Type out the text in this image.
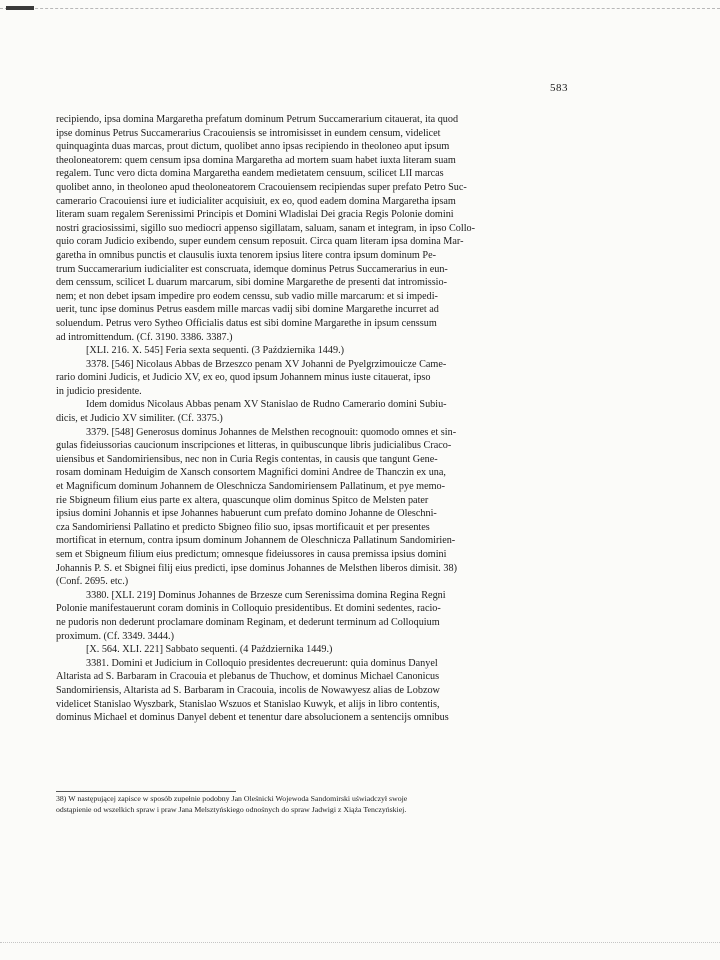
583
recipiendo, ipsa domina Margaretha prefatum dominum Petrum Succamerarium citauerat, ita quod
ipse dominus Petrus Succamerarius Cracouiensis se intromisisset in eundem censum, videlicet
quinquaginta duas marcas, prout dictum, quolibet anno ipsas recipiendo in theoloneo aput ipsum
theoloneatorem: quem censum ipsa domina Margaretha ad mortem suam habet iuxta literam suam
regalem. Tunc vero dicta domina Margaretha eandem medietatem censuum, scilicet LII marcas
quolibet anno, in theoloneo apud theoloneatorem Cracouiensem recipiendas super prefato Petro Suc-
camerario Cracouiensi iure et iudicialiter acquisiuit, ex eo, quod eadem domina Margaretha ipsam
literam suam regalem Serenissimi Principis et Domini Wladislai Dei gracia Regis Polonie domini
nostri graciosissimi, sigillo suo mediocri appenso sigillatam, saluam, sanam et integram, in ipso Collo-
quio coram Judicio exibendo, super eundem censum reposuit. Circa quam literam ipsa domina Mar-
garetha in omnibus punctis et clausulis iuxta tenorem ipsius litere contra ipsum dominum Pe-
trum Succamerarium iudicialiter est conscruata, idemque dominus Petrus Succamerarius in eun-
dem censsum, scilicet L duarum marcarum, sibi domine Margarethe de presenti dat intromissio-
nem; et non debet ipsam impedire pro eodem censsu, sub vadio mille marcarum: et si impedi-
uerit, tunc ipse dominus Petrus easdem mille marcas vadij sibi domine Margarethe incurret ad
soluendum. Petrus vero Sytheo Officialis datus est sibi domine Margarethe in ipsum censsum
ad intromittendum. (Cf. 3190. 3386. 3387.)
[XLI. 216. X. 545] Feria sexta sequenti. (3 Października 1449.)
3378. [546] Nicolaus Abbas de Brzeszco penam XV Johanni de Pyelgrzimouicze Came-
rario domini Judicis, et Judicio XV, ex eo, quod ipsum Johannem minus iuste citauerat, ipso
in judicio presidente.
Idem domidus Nicolaus Abbas penam XV Stanislao de Rudno Camerario domini Subiu-
dicis, et Judicio XV similiter. (Cf. 3375.)
3379. [548] Generosus dominus Johannes de Melsthen recognouit: quomodo omnes et sin-
gulas fideiussorias caucionum inscripciones et litteras, in quibuscunque libris judicialibus Craco-
uiensibus et Sandomiriensibus, nec non in Curia Regis contentas, in causis que tangunt Gene-
rosam dominam Heduigim de Xansch consortem Magnifici domini Andree de Thanczin ex una,
et Magnificum dominum Johannem de Oleschnicza Sandomiriensem Pallatinum, et pye memo-
rie Sbigneum filium eius parte ex altera, quascunque olim dominus Spitco de Melsten pater
ipsius domini Johannis et ipse Johannes habuerunt cum prefato domino Johanne de Oleschni-
cza Sandomiriensi Pallatino et predicto Sbigneo filio suo, ipsas mortificauit et per presentes
mortificat in eternum, contra ipsum dominum Johannem de Oleschnicza Pallatinum Sandomirien-
sem et Sbigneum filium eius predictum; omnesque fideiussores in causa premissa ipsius domini
Johannis P. S. et Sbignei filij eius predicti, ipse dominus Johannes de Melsthen liberos dimisit. 38)
(Conf. 2695. etc.)
3380. [XLI. 219] Dominus Johannes de Brzesze cum Serenissima domina Regina Regni
Polonie manifestauerunt coram dominis in Colloquio presidentibus. Et domini sedentes, racio-
ne pudoris non dederunt proclamare dominam Reginam, et dederunt terminum ad Colloquium
proximum. (Cf. 3349. 3444.)
[X. 564. XLI. 221] Sabbato sequenti. (4 Października 1449.)
3381. Domini et Judicium in Colloquio presidentes decreuerunt: quia dominus Danyel
Altarista ad S. Barbaram in Cracouia et plebanus de Thuchow, et dominus Michael Canonicus
Sandomiriensis, Altarista ad S. Barbaram in Cracouia, incolis de Nowawyesz alias de Lobzow
videlicet Stanislao Wyszbark, Stanislao Wszuos et Stanislao Kuwyk, et alijs in libro contentis,
dominus Michael et dominus Danyel debent et tenentur dare absolucionem a sentencijs omnibus
38) W następującej zapisce w sposób zupełnie podobny Jan Oleśnicki Wojewoda Sandomirski uświadczył swoje
odstąpienie od wszelkich spraw i praw Jana Melsztyńskiego odnośnych do spraw Jadwigi z Xiąża Tenczyńskiej.
